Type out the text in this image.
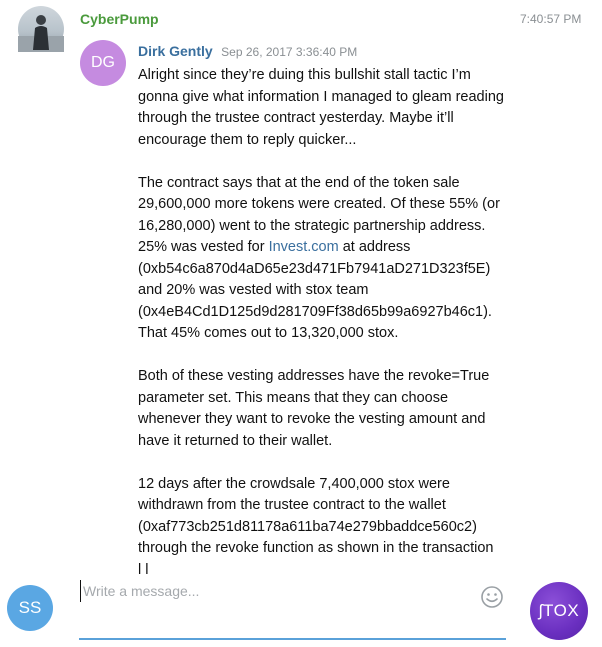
CyberPump	7:40:57 PM
DG
Dirk Gently Sep 26, 2017 3:36:40 PM

Alright since they’re duing this bullshit stall tactic I’m gonna give what information I managed to gleam reading through the trustee contract yesterday. Maybe it’ll encourage them to reply quicker...

The contract says that at the end of the token sale 29,600,000 more tokens were created. Of these 55% (or 16,280,000) went to the strategic partnership address. 25% was vested for Invest.com at address (0xb54c6a870d4aD65e23d471Fb7941aD271D323f5E) and 20% was vested with stox team (0x4eB4Cd1D125d9d281709Ff38d65b99a6927b46c1). That 45% comes out to 13,320,000 stox.

Both of these vesting addresses have the revoke=True parameter set. This means that they can choose whenever they want to revoke the vesting amount and have it returned to their wallet.

12 days after the crowdsale 7,400,000 stox were withdrawn from the trustee contract to the wallet (0xaf773cb251d81178a611ba74e279bbaddce560c2) through the revoke function as shown in the transaction
l l

SS
Write a message...	ʃTOX
